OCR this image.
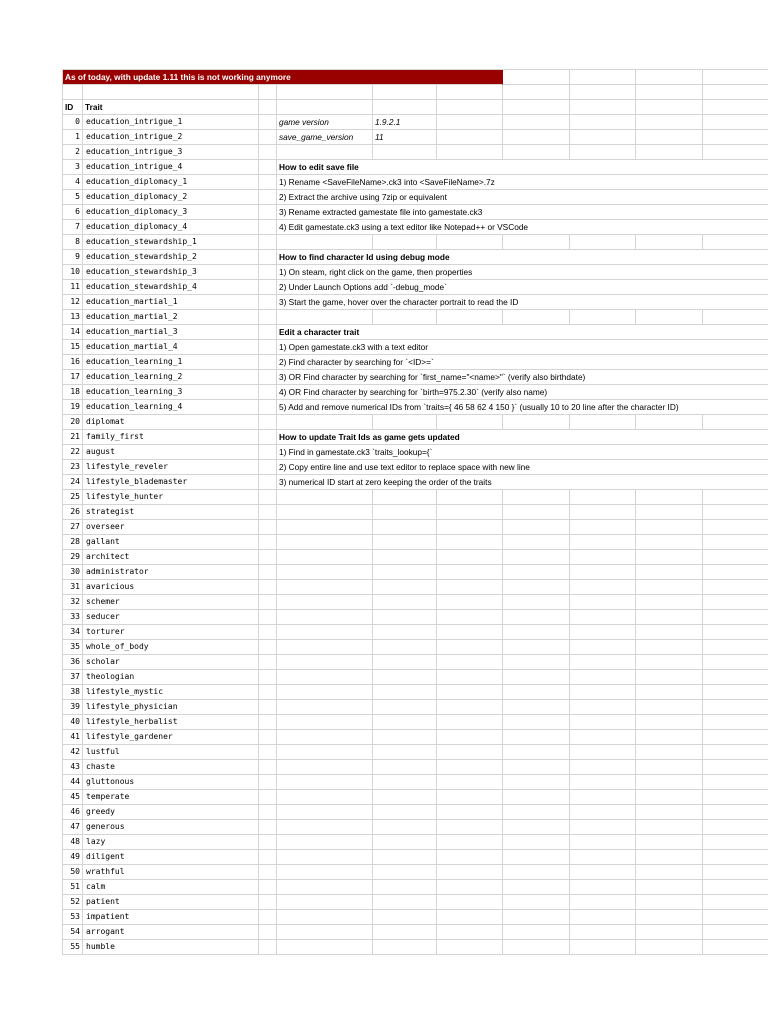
As of today, with update 1.11 this is not working anymore
ID	Trait
0 education_intrigue_1	game version	1.9.2.1
1 education_intrigue_2	save_game_version	11
2 education_intrigue_3
3 education_intrigue_4	How to edit save file
4 education_diplomacy_1	1) Rename <SaveFileName>.ck3 into <SaveFileName>.7z
5 education_diplomacy_2	2) Extract the archive using 7zip or equivalent
6 education_diplomacy_3	3) Rename extracted gamestate file into gamestate.ck3
7 education_diplomacy_4	4) Edit gamestate.ck3 using a text editor like Notepad++ or VSCode
8 education_stewardship_1
9 education_stewardship_2	How to find character Id using debug mode
10 education_stewardship_3	1) On steam, right click on the game, then properties
11 education_stewardship_4	2) Under Launch Options add `-debug_mode`
12 education_martial_1	3) Start the game, hover over the character portrait to read the ID
13 education_martial_2
14 education_martial_3	Edit a character trait
15 education_martial_4	1) Open gamestate.ck3 with a text editor
16 education_learning_1	2) Find character by searching for `<ID>=`
17 education_learning_2	3) OR Find character by searching for `first_name="<name>"` (verify also birthdate)
18 education_learning_3	4) OR Find character by searching for `birth=975.2.30` (verify also name)
19 education_learning_4	5) Add and remove numerical IDs from `traits={ 46 58 62 4 150 }` (usually 10 to 20 line after the character ID)
20 diplomat
21 family_first	How to update Trait Ids as game gets updated
22 august	1) Find in gamestate.ck3 `traits_lookup={`
23 lifestyle_reveler	2) Copy entire line and use text editor to replace space with new line
24 lifestyle_blademaster	3) numerical ID start at zero keeping the order of the traits
25 lifestyle_hunter
26 strategist
27 overseer
28 gallant
29 architect
30 administrator
31 avaricious
32 schemer
33 seducer
34 torturer
35 whole_of_body
36 scholar
37 theologian
38 lifestyle_mystic
39 lifestyle_physician
40 lifestyle_herbalist
41 lifestyle_gardener
42 lustful
43 chaste
44 gluttonous
45 temperate
46 greedy
47 generous
48 lazy
49 diligent
50 wrathful
51 calm
52 patient
53 impatient
54 arrogant
55 humble
